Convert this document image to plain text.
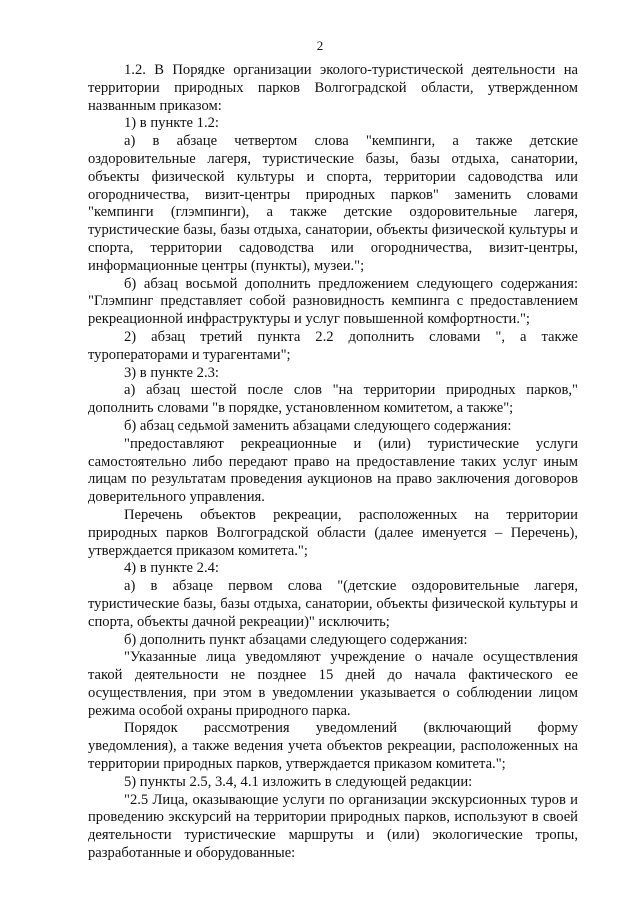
2

1.2. В Порядке организации эколого-туристической деятельности на территории природных парков Волгоградской области, утвержденном названным приказом:

1) в пункте 1.2:

а) в абзаце четвертом слова "кемпинги, а также детские оздоровительные лагеря, туристические базы, базы отдыха, санатории, объекты физической культуры и спорта, территории садоводства или огородничества, визит-центры природных парков" заменить словами "кемпинги (глэмпинги), а также детские оздоровительные лагеря, туристические базы, базы отдыха, санатории, объекты физической культуры и спорта, территории садоводства или огородничества, визит-центры, информационные центры (пункты), музеи.";

б) абзац восьмой дополнить предложением следующего содержания: "Глэмпинг представляет собой разновидность кемпинга с предоставлением рекреационной инфраструктуры и услуг повышенной комфортности.";

2) абзац третий пункта 2.2 дополнить словами ", а также туроператорами и турагентами";

3) в пункте 2.3:

а) абзац шестой после слов "на территории природных парков," дополнить словами "в порядке, установленном комитетом, а также";

б) абзац седьмой заменить абзацами следующего содержания:

"предоставляют рекреационные и (или) туристические услуги самостоятельно либо передают право на предоставление таких услуг иным лицам по результатам проведения аукционов на право заключения договоров доверительного управления.

Перечень объектов рекреации, расположенных на территории природных парков Волгоградской области (далее именуется – Перечень), утверждается приказом комитета.";

4) в пункте 2.4:

а) в абзаце первом слова "(детские оздоровительные лагеря, туристические базы, базы отдыха, санатории, объекты физической культуры и спорта, объекты дачной рекреации)" исключить;

б) дополнить пункт абзацами следующего содержания:

"Указанные лица уведомляют учреждение о начале осуществления такой деятельности не позднее 15 дней до начала фактического ее осуществления, при этом в уведомлении указывается о соблюдении лицом режима особой охраны природного парка.

Порядок рассмотрения уведомлений (включающий форму уведомления), а также ведения учета объектов рекреации, расположенных на территории природных парков, утверждается приказом комитета.";

5) пункты 2.5, 3.4, 4.1 изложить в следующей редакции:

"2.5 Лица, оказывающие услуги по организации экскурсионных туров и проведению экскурсий на территории природных парков, используют в своей деятельности туристические маршруты и (или) экологические тропы, разработанные и оборудованные:
